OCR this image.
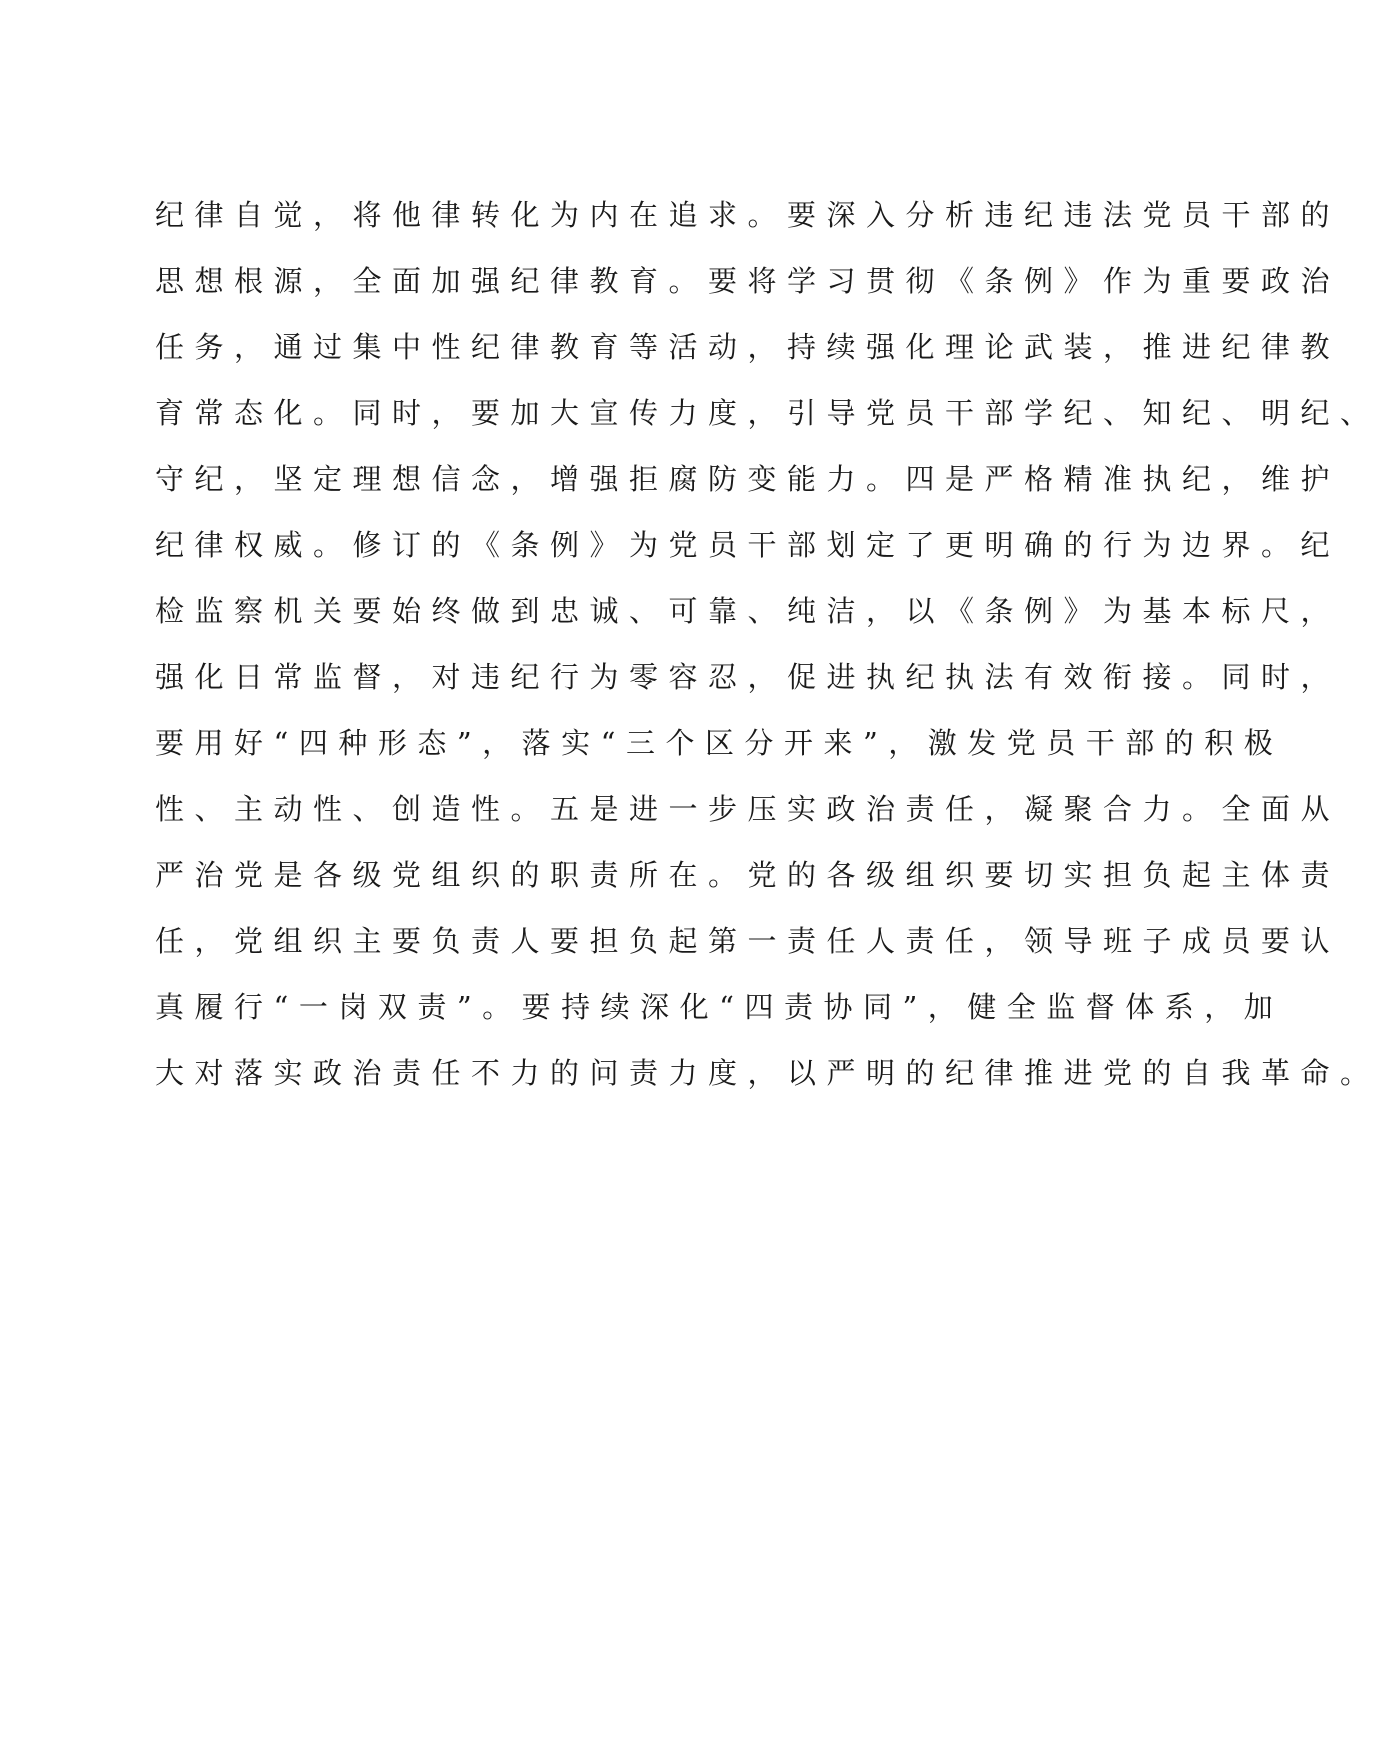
纪律自觉，将他律转化为内在追求。要深入分析违纪违法党员干部的
思想根源，全面加强纪律教育。要将学习贯彻《条例》作为重要政治
任务，通过集中性纪律教育等活动，持续强化理论武装，推进纪律教
育常态化。同时，要加大宣传力度，引导党员干部学纪、知纪、明纪、
守纪，坚定理想信念，增强拒腐防变能力。四是严格精准执纪，维护
纪律权威。修订的《条例》为党员干部划定了更明确的行为边界。纪
检监察机关要始终做到忠诚、可靠、纯洁，以《条例》为基本标尺，
强化日常监督，对违纪行为零容忍，促进执纪执法有效衔接。同时，
要用好“四种形态”，落实“三个区分开来”，激发党员干部的积极
性、主动性、创造性。五是进一步压实政治责任，凝聚合力。全面从
严治党是各级党组织的职责所在。党的各级组织要切实担负起主体责
任，党组织主要负责人要担负起第一责任人责任，领导班子成员要认
真履行“一岗双责”。要持续深化“四责协同”，健全监督体系，加
大对落实政治责任不力的问责力度，以严明的纪律推进党的自我革命。
